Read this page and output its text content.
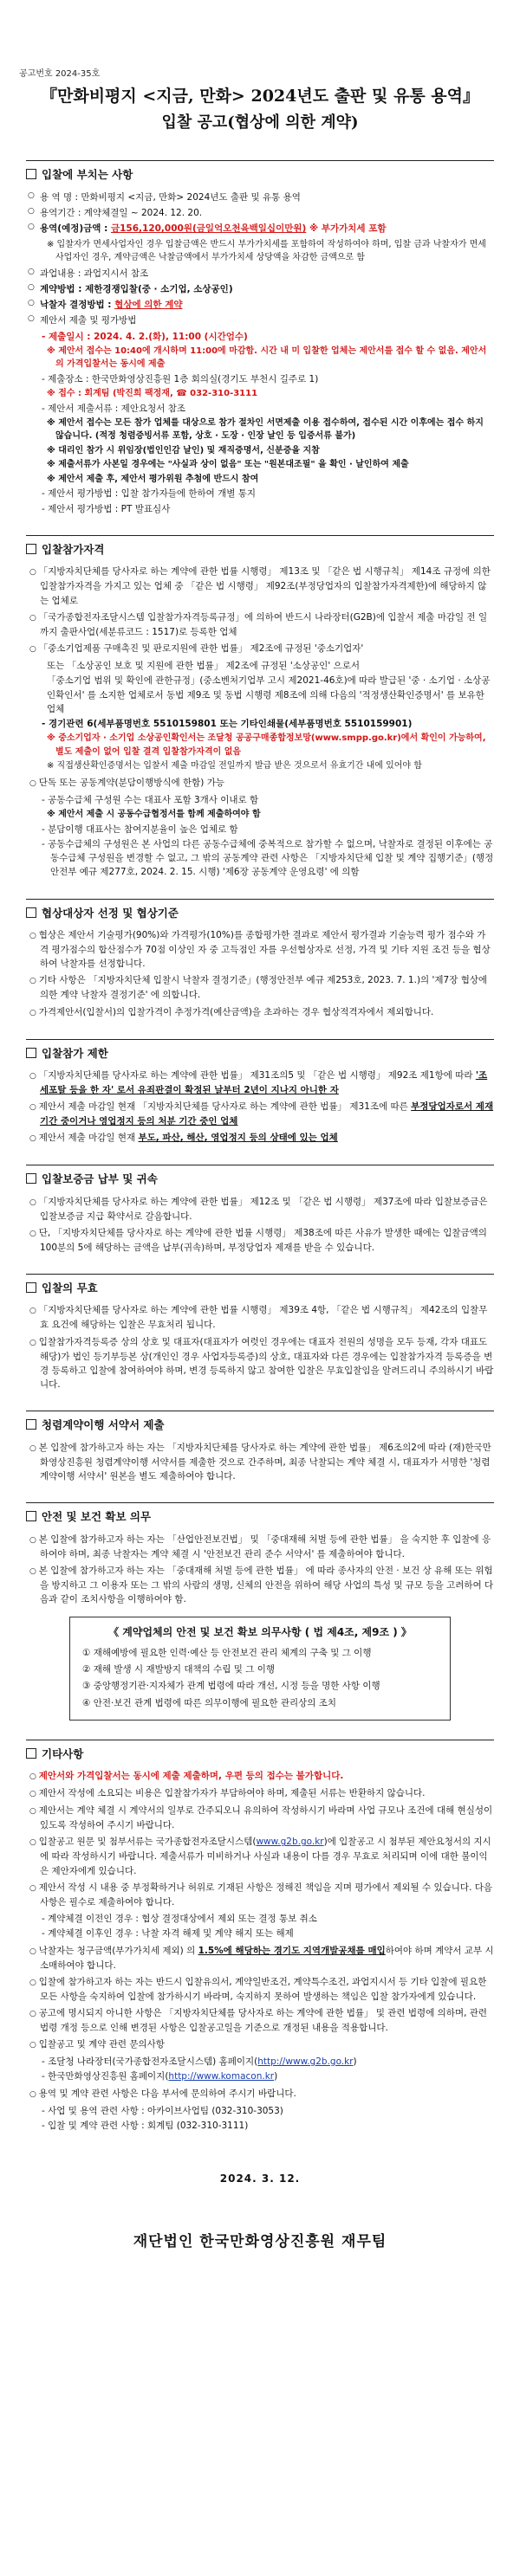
공고번호 2024-35호
『만화비평지 <지금, 만화> 2024년도 출판 및 유통 용역』
입찰 공고(협상에 의한 계약)
입찰에 부치는 사항
○ 용 역 명 : 만화비평지 <지금, 만화> 2024년도 출판 및 유통 용역
○ 용역기간 : 계약체결일 ~ 2024. 12. 20.
○ 용역(예정)금액 : 금156,120,000원(금일억오천육백일십이만원) ※ 부가가치세 포함
※ 입찰자가 면세사업자인 경우 입찰금액은 반드시 부가가치세를 포함하여 작성하여야 하며, 입찰 금과 낙찰자가 면세사업자인 경우, 계약금액은 낙찰금액에서 부가가치세 상당액을 차감한 금액으로 함
○ 과업내용 : 과업지시서 참조
○ 계약방법 : 제한경쟁입찰(중 · 소기업, 소상공인)
○ 낙찰자 결정방법 : 협상에 의한 계약
○ 제안서 제출 및 평가방법
- 제출일시 : 2024. 4. 2.(화), 11:00 (시간엄수)
※ 제안서 접수는 10:40에 개시하며 11:00에 마감함. 시간 내 미 입찰한 업체는 제안서를 접수 할 수 없음. 제안서의 가격입찰서는 동시에 제출
- 제출장소 : 한국만화영상진흥원 1층 회의실(경기도 부천시 길주로 1)
※ 접수 : 회계팀 (박진희 팩정재, ☎ 032-310-3111
- 제안서 제출서류 : 제안요청서 참조
※ 제안서 접수는 모든 참가 업체를 대상으로 참가 절차인 서면제출 이용 접수하여, 접수된 시간 이후에는 접수 하지 않습니다. (적정 청렴증빙서류 포함, 상호 · 도장 · 인장 날인 등 입증서류 불가)
※ 대리인 참가 시 위임장(법인인감 날인) 및 재직증명서, 신분증을 지참
※ 제출서류가 사본일 경우에는 "사실과 상이 없음" 또는 "원본대조필" 을 확인 · 날인하여 제출
※ 제안서 제출 후, 제안서 평가위원 추첨에 반드시 참여
- 제안서 평가방법 : 입찰 참가자들에 한하여 개별 통지
- 제안서 평가방법 : PT 발표심사
입찰참가자격
○ 「지방자치단체를 당사자로 하는 계약에 관한 법률 시행령」 제13조 및 「같은 법 시행규칙」 제14조 규정에 의한 입찰참가자격을 가지고 있는 업체 중 「같은 법 시행령」 제92조(부정당업자의 입찰참가자격제한)에 해당하지 않는 업체로
○ 「국가종합전자조달시스템 입찰참가자격등록규정」에 의하여 반드시 나라장터(G2B)에 입찰서 제출 마감일 전 일까지 출판사업(세분류코드 : 1517)로 등록한 업체
○ 「중소기업제품 구매촉진 및 판로지원에 관한 법률」 제2조에 규정된 '중소기업자'
또는 「소상공인 보호 및 지원에 관한 법률」 제2조에 규정된 '소상공인' 으로서
「중소기업 범위 및 확인에 관한규정」(중소벤처기업부 고시 제2021-46호)에 따라 발급된 '중 · 소기업 · 소상공인확인서' 를 소지한 업체로서 동법 제9조 및 동법 시행령 제8조에 의해 다음의 '적정생산확인증명서' 를 보유한 업체
- 경기관련 6(세부품명번호 5510159801 또는 기타인쇄물(세부품명번호 5510159901)
※ 중소기업자 · 소기업 소상공인확인서는 조달청 공공구매종합정보망(www.smpp.go.kr)에서 확인이 가능하여, 별도 제출이 없어 입찰 결격 입찰참가자격이 없음
※ 직접생산확인증명서는 입찰서 제출 마감일 전일까지 발급 받은 것으로서 유효기간 내에 있어야 함
○ 단독 또는 공동계약(분담이행방식에 한함) 가능
- 공동수급체 구성원 수는 대표사 포함 3개사 이내로 함
※ 제안서 제출 시 공동수급협정서를 함께 제출하여야 함
- 분담이행 대표사는 참여지분율이 높은 업체로 함
- 공동수급체의 구성원은 본 사업의 다른 공동수급체에 중복적으로 참가할 수 없으며, 낙찰자로 결정된 이후에는 공동수급체 구성원을 변경할 수 없고, 그 밖의 공동계약 관련 사항은 「지방자치단체 입찰 및 계약 집행기준」(행정안전부 예규 제277호, 2024. 2. 15. 시행) '제6장 공동계약 운영요령' 에 의함
협상대상자 선정 및 협상기준
○ 협상은 제안서 기술평가(90%)와 가격평가(10%)를 종합평가한 결과로 제안서 평가결과 기술능력 평가 점수와 가격 평가점수의 합산점수가 70점 이상인 자 중 고득점인 자를 우선협상자로 선정, 가격 및 기타 지원 조건 등을 협상하여 낙찰자를 선정합니다.
○ 기타 사항은 「지방자치단체 입찰시 낙찰자 결정기준」(행정안전부 예규 제253호, 2023. 7. 1.)의 '제7장 협상에 의한 계약 낙찰자 결정기준' 에 의합니다.
○ 가격제안서(입찰서)의 입찰가격이 추정가격(예산금액)을 초과하는 경우 협상적격자에서 제외합니다.
입찰참가 제한
○ 「지방자치단체를 당사자로 하는 계약에 관한 법률」 제31조의5 및 「같은 법 시행령」 제92조 제1항에 따라 '조세포탈 등을 한 자' 로서 유죄판결이 확정된 날부터 2년이 지나지 아니한 자
○ 제안서 제출 마감일 현재 「지방자치단체를 당사자로 하는 계약에 관한 법률」 제31조에 따른 부정당업자로서 제재기간 중이거나 영업정지 등의 처분 기간 중인 업체
○ 제안서 제출 마감일 현재 부도, 파산, 해산, 영업정지 등의 상태에 있는 업체
입찰보증금 납부 및 귀속
○ 「지방자치단체를 당사자로 하는 계약에 관한 법률」 제12조 및 「같은 법 시행령」 제37조에 따라 입찰보증금은 입찰보증금 지급 확약서로 갈음합니다.
○ 단, 「지방자치단체를 당사자로 하는 계약에 관한 법률 시행령」 제38조에 따른 사유가 발생한 때에는 입찰금액의 100분의 5에 해당하는 금액을 납부(귀속)하며, 부정당업자 제재를 받을 수 있습니다.
입찰의 무효
○ 「지방자치단체를 당사자로 하는 계약에 관한 법률 시행령」 제39조 4항, 「같은 법 시행규칙」 제42조의 입찰무효 요건에 해당하는 입찰은 무효처리 됩니다.
○ 입찰참가자격등록증 상의 상호 및 대표자(대표자가 여럿인 경우에는 대표자 전원의 성명을 모두 등재, 각자 대표도 해당)가 법인 등기부등본 상(개인인 경우 사업자등록증)의 상호, 대표자와 다른 경우에는 입찰참가자격 등록증을 변경 등록하고 입찰에 참여하여야 하며, 변경 등록하지 않고 참여한 입찰은 무효입찰임을 알려드리니 주의하시기 바랍니다.
청렴계약이행 서약서 제출
○ 본 입찰에 참가하고자 하는 자는 「지방자치단체를 당사자로 하는 계약에 관한 법률」 제6조의2에 따라 (재)한국만화영상진흥원 청렴계약이행 서약서를 제출한 것으로 간주하며, 최종 낙찰되는 계약 체결 시, 대표자가 서명한 '청렴계약이행 서약서' 원본을 별도 제출하여야 합니다.
안전 및 보건 확보 의무
○ 본 입찰에 참가하고자 하는 자는 「산업안전보건법」 및 「중대재해 처벌 등에 관한 법률」 을 숙지한 후 입찰에 응하여야 하며, 최종 낙찰자는 계약 체결 시 '안전보건 관리 준수 서약서' 를 제출하여야 합니다.
○ 본 입찰에 참가하고자 하는 자는 「중대재해 처벌 등에 관한 법률」 에 따라 종사자의 안전 · 보건 상 유해 또는 위험을 방지하고 그 이용자 또는 그 밖의 사람의 생명, 신체의 안전을 위하여 해당 사업의 특성 및 규모 등을 고려하여 다음과 같이 조치사항을 이행하여야 함.
《 계약업체의 안전 및 보건 확보 의무사항 ( 법 제4조, 제9조 ) 》
① 재해예방에 필요한 인력·예산 등 안전보건 관리 체계의 구축 및 그 이행
② 재해 발생 시 재발방지 대책의 수립 및 그 이행
③ 중앙행정기관·지자체가 관계 법령에 따라 개선, 시정 등을 명한 사항 이행
④ 안전·보건 관계 법령에 따른 의무이행에 필요한 관리상의 조치
기타사항
○ 제안서와 가격입찰서는 동시에 제출 제출하며, 우편 등의 접수는 불가합니다.
○ 제안서 작성에 소요되는 비용은 입찰참가자가 부담하여야 하며, 제출된 서류는 반환하지 않습니다.
○ 제안서는 계약 체결 시 계약서의 일부로 간주되오니 유의하여 작성하시기 바라며 사업 규모나 조건에 대해 현실성이 있도록 작성하여 주시기 바랍니다.
○ 입찰공고 원문 및 첨부서류는 국가종합전자조달시스템(www.g2b.go.kr)에 입찰공고 시 첨부된 제안요청서의 지시에 따라 작성하시기 바랍니다. 제출서류가 미비하거나 사실과 내용이 다를 경우 무효로 처리되며 이에 대한 불이익은 제안자에게 있습니다.
○ 제안서 작성 시 내용 중 부정확하거나 허위로 기재된 사항은 정해진 책임을 지며 평가에서 제외될 수 있습니다. 다음 사항은 필수로 제출하여야 합니다.
- 계약체결 이전인 경우 : 협상 결정대상에서 제외 또는 결정 통보 취소
- 계약체결 이후인 경우 : 낙찰 자격 해제 및 계약 해지 또는 해제
○ 낙찰자는 청구금액(부가가치세 제외) 의 1.5%에 해당하는 경기도 지역개발공채를 매입하여야 하며 계약서 교부 시 소매하여야 합니다.
○ 입찰에 참가하고자 하는 자는 반드시 입찰유의서, 계약일반조건, 계약특수조건, 과업지시서 등 기타 입찰에 필요한 모든 사항을 숙지하여 입찰에 참가하시기 바라며, 숙지하지 못하여 발생하는 책임은 입찰 참가자에게 있습니다.
○ 공고에 명시되지 아니한 사항은 「지방자치단체를 당사자로 하는 계약에 관한 법률」 및 관련 법령에 의하며, 관련 법령 개정 등으로 인해 변경된 사항은 입찰공고일을 기준으로 개정된 내용을 적용합니다.
○ 입찰공고 및 계약 관련 문의사항
- 조달청 나라장터(국가종합전자조달시스템) 홈페이지(http://www.g2b.go.kr)
- 한국만화영상진흥원 홈페이지(http://www.komacon.kr)
○ 용역 및 계약 관련 사항은 다음 부서에 문의하여 주시기 바랍니다.
- 사업 및 용역 관련 사항 : 아카이브사업팀 (032-310-3053)
- 입찰 및 계약 관련 사항 : 회계팀 (032-310-3111)
2024. 3. 12.
재단법인 한국만화영상진흥원 재무팀
